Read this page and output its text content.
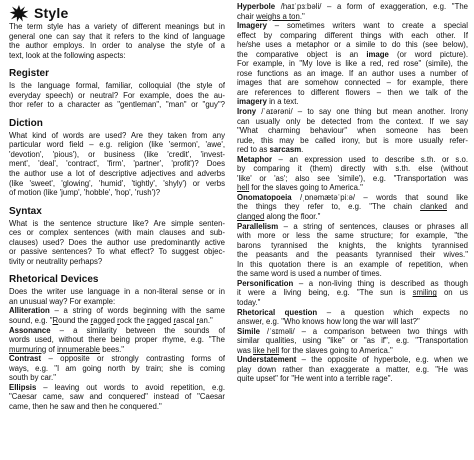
Style
The term style has a variety of different meanings but in
general one can say that it refers to the kind of language
the author employs. In order to analyse the style of a
text, look at the following aspects:
Register
Is the language formal, familiar, colloquial (the style of
everyday speech) or neutral? For example, does the au-
thor refer to a character as "gentleman", "man" or "guy"?
Diction
What kind of words are used? Are they taken from any
particular word field – e.g. religion (like 'sermon', 'awe',
'devotion', 'pious'), or business (like 'credit', 'invest-
ment', 'deal', 'contract', 'firm', 'partner', 'profit')? Does
the author use a lot of descriptive adjectives and adverbs
(like 'sweet', 'glowing', 'humid', 'tightly', 'shyly') or verbs
of motion (like 'jump', 'hobble', 'hop', 'rush')?
Syntax
What is the sentence structure like? Are simple senten-
ces or complex sentences (with main clauses and sub-
clauses) used? Does the author use predominantly active
or passive sentences? To what effect? To suggest objec-
tivity or neutrality perhaps?
Rhetorical Devices
Does the writer use language in a non-literal sense or in
an unusual way? For example:
Alliteration – a string of words beginning with the same
sound, e.g. "Round the ragged rock the ragged rascal ran."
Assonance – a similarity between the sounds of
words used, without there being proper rhyme, e.g. "The
murmuring of innumerable bees."
Contrast – opposite or strongly contrasting forms of
ways, e.g. "I am going north by train; she is coming
south by car."
Ellipsis – leaving out words to avoid repetition, e.g.
"Caesar came, saw and conquered" instead of "Caesar
came, then he saw and then he conquered."
Hyperbole /haɪˈpɜːbəli/ – a form of exaggeration, e.g. "The
chair weighs a ton."
Imagery – sometimes writers want to create a special
effect by comparing different things with each other. If
he/she uses a metaphor or a simile to do this (see below),
the comparative object is an image (or word picture).
For example, in "My love is like a red, red rose" (simile), the
rose functions as an image. If an author uses a number of
images that are somehow connected – for example, there
are references to different flowers – then we talk of the
imagery in a text.
Irony /ˈaɪərəni/ – to say one thing but mean another. Irony
can usually only be detected from the context. If we say
"What charming behaviour" when someone has been
rude, this may be called irony, but is more usually refer-
red to as sarcasm.
Metaphor – an expression used to describe s.th. or s.o.
by comparing it (them) directly with s.th. else (without
'like' or 'as'; also see 'simile'), e.g. "Transportation was
hell for the slaves going to America."
Onomatopoeia /ˌɒnəmætəˈpiːə/ – words that sound like
the things they refer to, e.g. "The chain clanked and
clanged along the floor."
Parallelism – a string of sentences, clauses or phrases all
with more or less the same structure; for example, "the
barons tyrannised the knights, the knights tyrannised
the peasants and the peasants tyrannised their wives."
In this quotation there is an example of repetition, when
the same word is used a number of times.
Personification – a non-living thing is described as though
it were a living being, e.g. "The sun is smiling on us
today."
Rhetorical question – a question which expects no
answer, e.g. "Who knows how long the war will last?"
Simile /ˈsɪməli/ – a comparison between two things with
similar qualities, using "like" or "as if", e.g. "Transportation
was like hell for the slaves going to America."
Understatement – the opposite of hyperbole, e.g. when we
play down rather than exaggerate a matter, e.g. "He was
quite upset" for "He went into a terrible rage".
